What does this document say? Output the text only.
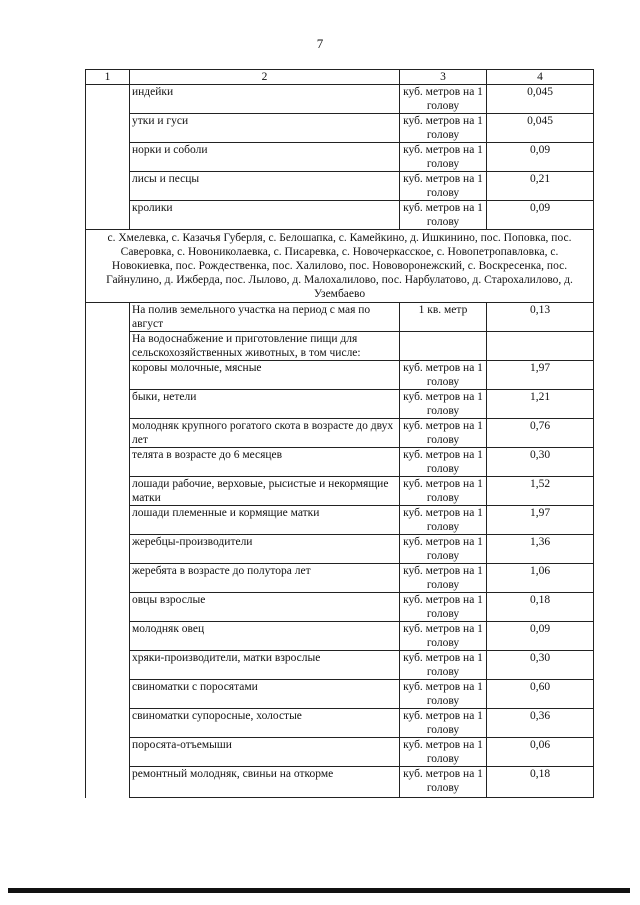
7
1	2	3	4
	индейки	куб. метров на 1 голову	0,045
	утки и гуси	куб. метров на 1 голову	0,045
	норки и соболи	куб. метров на 1 голову	0,09
	лисы и песцы	куб. метров на 1 голову	0,21
	кролики	куб. метров на 1 голову	0,09
с. Хмелевка, с. Казачья Губерля, с. Белошапка, с. Камейкино, д. Ишкинино, пос. Поповка, пос. Саверовка, с. Новониколаевка, с. Писаревка, с. Новочеркасское, с. Новопетропавловка, с. Новокиевка, пос. Рождественка, пос. Халилово, пос. Нововоронежский, с. Воскресенка, пос. Гайнулино, д. Ижберда, пос. Лылово, д. Малохалилово, пос. Нарбулатово, д. Старохалилово, д. Узембаево			
	На полив земельного участка на период с мая по август	1 кв. метр	0,13
	На водоснабжение и приготовление пищи для сельскохозяйственных животных, в том числе:		
	коровы молочные, мясные	куб. метров на 1 голову	1,97
	быки, нетели	куб. метров на 1 голову	1,21
	молодняк крупного рогатого скота в возрасте до двух лет	куб. метров на 1 голову	0,76
	телята в возрасте до 6 месяцев	куб. метров на 1 голову	0,30
	лошади рабочие, верховые, рысистые и некормящие матки	куб. метров на 1 голову	1,52
	лошади племенные и кормящие матки	куб. метров на 1 голову	1,97
	жеребцы-производители	куб. метров на 1 голову	1,36
	жеребята в возрасте до полутора лет	куб. метров на 1 голову	1,06
	овцы взрослые	куб. метров на 1 голову	0,18
	молодняк овец	куб. метров на 1 голову	0,09
	хряки-производители, матки взрослые	куб. метров на 1 голову	0,30
	свиноматки с поросятами	куб. метров на 1 голову	0,60
	свиноматки супоросные, холостые	куб. метров на 1 голову	0,36
	поросята-отъемыши	куб. метров на 1 голову	0,06
	ремонтный молодняк, свиньи на откорме	куб. метров на 1 голову	0,18
